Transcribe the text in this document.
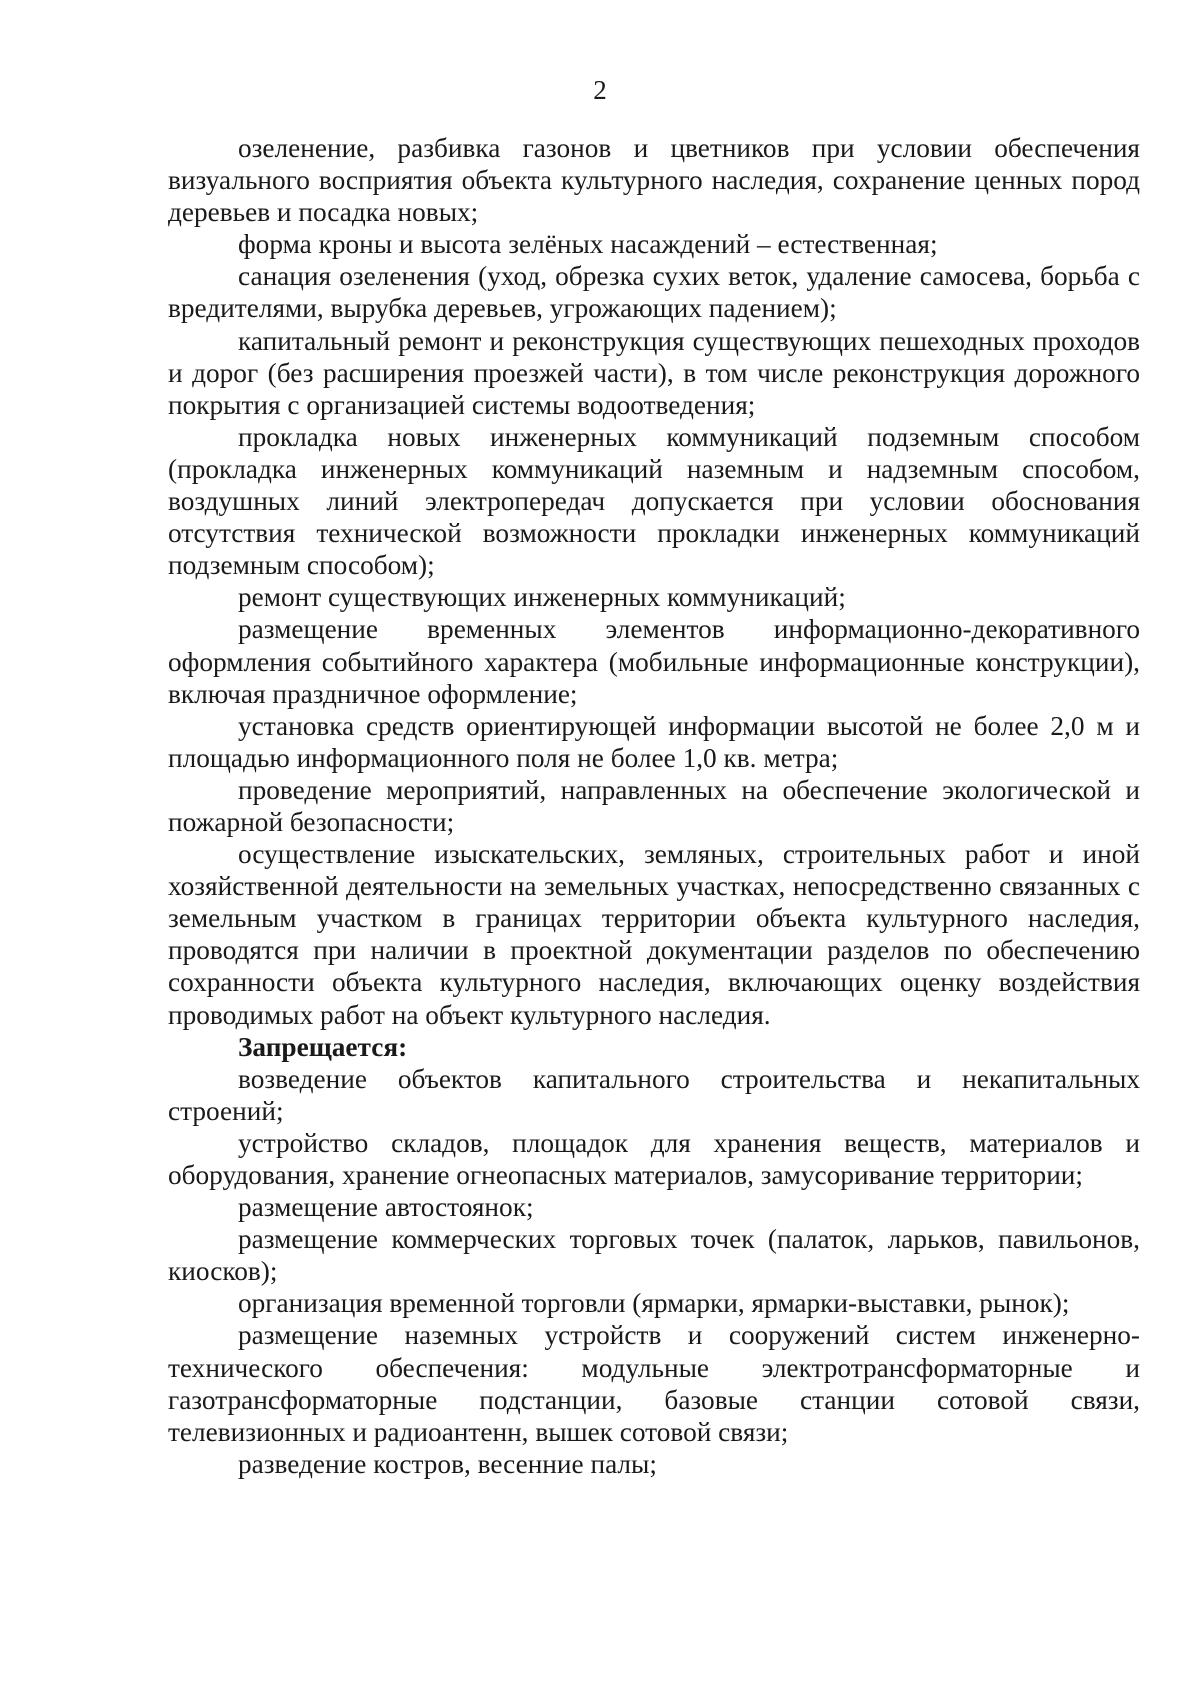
2

озеленение, разбивка газонов и цветников при условии обеспечения визуального восприятия объекта культурного наследия, сохранение ценных пород деревьев и посадка новых;

форма кроны и высота зелёных насаждений – естественная;

санация озеленения (уход, обрезка сухих веток, удаление самосева, борьба с вредителями, вырубка деревьев, угрожающих падением);

капитальный ремонт и реконструкция существующих пешеходных проходов и дорог (без расширения проезжей части), в том числе реконструкция дорожного покрытия с организацией системы водоотведения;

прокладка новых инженерных коммуникаций подземным способом (прокладка инженерных коммуникаций наземным и надземным способом, воздушных линий электропередач допускается при условии обоснования отсутствия технической возможности прокладки инженерных коммуникаций подземным способом);

ремонт существующих инженерных коммуникаций;

размещение временных элементов информационно-декоративного оформления событийного характера (мобильные информационные конструкции), включая праздничное оформление;

установка средств ориентирующей информации высотой не более 2,0 м и площадью информационного поля не более 1,0 кв. метра;

проведение мероприятий, направленных на обеспечение экологической и пожарной безопасности;

осуществление изыскательских, земляных, строительных работ и иной хозяйственной деятельности на земельных участках, непосредственно связанных с земельным участком в границах территории объекта культурного наследия, проводятся при наличии в проектной документации разделов по обеспечению сохранности объекта культурного наследия, включающих оценку воздействия проводимых работ на объект культурного наследия.

Запрещается:

возведение объектов капитального строительства и некапитальных строений;

устройство складов, площадок для хранения веществ, материалов и оборудования, хранение огнеопасных материалов, замусоривание территории;

размещение автостоянок;

размещение коммерческих торговых точек (палаток, ларьков, павильонов, киосков);

организация временной торговли (ярмарки, ярмарки-выставки, рынок);

размещение наземных устройств и сооружений систем инженерно-технического обеспечения: модульные электротрансформаторные и газотрансформаторные подстанции, базовые станции сотовой связи, телевизионных и радиоантенн, вышек сотовой связи;

разведение костров, весенние палы;
